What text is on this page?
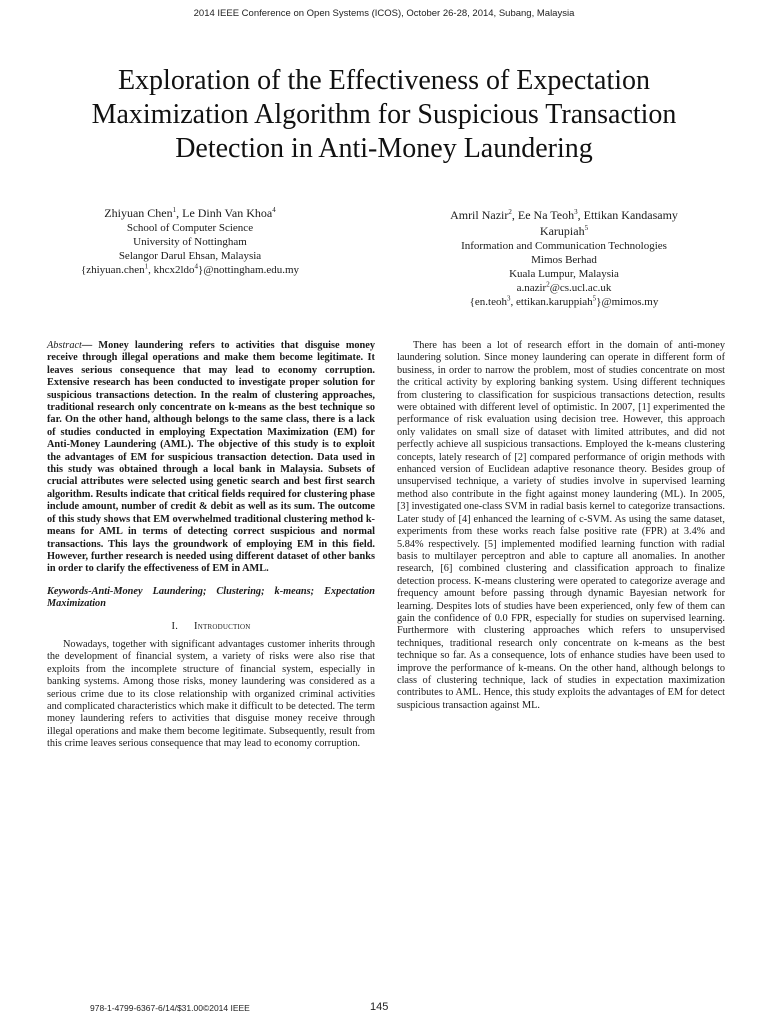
2014 IEEE Conference on Open Systems (ICOS), October 26-28, 2014, Subang, Malaysia
Exploration of the Effectiveness of Expectation Maximization Algorithm for Suspicious Transaction Detection in Anti-Money Laundering
Zhiyuan Chen$^1$, Le Dinh Van Khoa$^4$
School of Computer Science
University of Nottingham
Selangor Darul Ehsan, Malaysia
{zhiyuan.chen$^1$, khcx2ldo$^4$}@nottingham.edu.my
Amril Nazir$^2$, Ee Na Teoh$^3$, Ettikan Kandasamy
Karupiah$^5$
Information and Communication Technologies
Mimos Berhad
Kuala Lumpur, Malaysia
a.nazir$^2$@cs.ucl.ac.uk
{en.teoh$^3$, ettikan.karuppiah$^5$}@mimos.my

Abstract— Money laundering refers to activities that disguise money receive through illegal operations and make them become legitimate. It leaves serious consequence that may lead to economy corruption. Extensive research has been conducted to investigate proper solution for suspicious transactions detection. In the realm of clustering approaches, traditional research only concentrate on k-means as the best technique so far. On the other hand, although belongs to the same class, there is a lack of studies conducted in employing Expectation Maximization (EM) for Anti-Money Laundering (AML). The objective of this study is to exploit the advantages of EM for suspicious transaction detection. Data used in this study was obtained through a local bank in Malaysia. Subsets of crucial attributes were selected using genetic search and best first search algorithm. Results indicate that critical fields required for clustering phase include amount, number of credit & debit as well as its sum. The outcome of this study shows that EM overwhelmed traditional clustering method k-means for AML in terms of detecting correct suspicious and normal transactions. This lays the groundwork of employing EM in this field. However, further research is needed using different dataset of other banks in order to clarify the effectiveness of EM in AML.

Keywords-Anti-Money Laundering; Clustering; k-means; Expectation Maximization

I. Introduction

Nowadays, together with significant advantages customer inherits through the development of financial system, a variety of risks were also rise that exploits from the incomplete structure of financial system, especially in banking systems. Among those risks, money laundering was considered as a serious crime due to its close relationship with organized criminal activities and complicated characteristics which make it difficult to be detected. The term money laundering refers to activities that disguise money receive through illegal operations and make them become legitimate. Subsequently, result from this crime leaves serious consequence that may lead to economy corruption.

There has been a lot of research effort in the domain of anti-money laundering solution. Since money laundering can operate in different form of business, in order to narrow the problem, most of studies concentrate on most the critical activity by exploring banking system. Using different techniques from clustering to classification for suspicious transactions detection, results were obtained with different level of optimistic. In 2007, [1] experimented the performance of risk evaluation using decision tree. However, this approach only validates on small size of dataset with limited attributes, and did not perfectly achieve all suspicious transactions. Employed the k-means clustering concepts, lately research of [2] compared performance of origin methods with enhanced version of Euclidean adaptive resonance theory. Besides group of unsupervised technique, a variety of studies involve in supervised learning method also contribute in the fight against money laundering (ML). In 2005, [3] investigated one-class SVM in radial basis kernel to categorize transactions. Later study of [4] enhanced the learning of c-SVM. As using the same dataset, experiments from these works reach false positive rate (FPR) at 3.4% and 5.84% respectively. [5] implemented modified learning function with radial basis to multilayer perceptron and able to capture all anomalies. In another research, [6] combined clustering and classification approach to finalize detection process. K-means clustering were operated to categorize average and frequency amount before passing through dynamic Bayesian network for learning. Despites lots of studies have been experienced, only few of them can gain the confidence of 0.0 FPR, especially for studies on supervised learning. Furthermore with clustering approaches which refers to unsupervised techniques, traditional research only concentrate on k-means as the best technique so far. As a consequence, lots of enhance studies have been used to improve the performance of k-means. On the other hand, although belongs to class of clustering technique, lack of studies in expectation maximization contributes to AML. Hence, this study exploits the advantages of EM for detect suspicious transaction against ML.

978-1-4799-6367-6/14/$31.00©2014 IEEE	145
